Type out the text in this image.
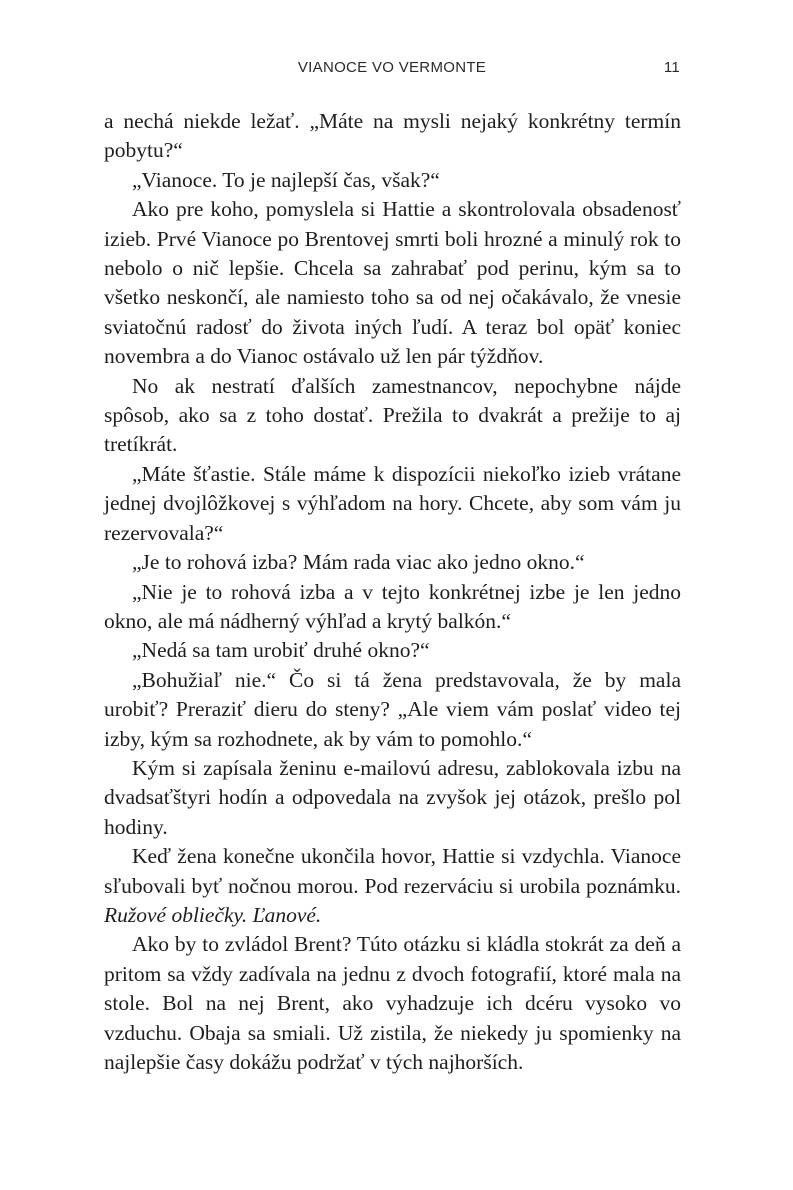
VIANOCE VO VERMONTE	11

a nechá niekde ležať. „Máte na mysli nejaký konkrétny termín pobytu?“

„Vianoce. To je najlepší čas, však?“

Ako pre koho, pomyslela si Hattie a skontrolovala obsadenosť izieb. Prvé Vianoce po Brentovej smrti boli hrozné a minulý rok to nebolo o nič lepšie. Chcela sa zahrabať pod perinu, kým sa to všetko neskončí, ale namiesto toho sa od nej očakávalo, že vnesie sviatočnú radosť do života iných ľudí. A teraz bol opäť koniec novembra a do Vianoc ostávalo už len pár týždňov.

No ak nestratí ďalších zamestnancov, nepochybne nájde spôsob, ako sa z toho dostať. Prežila to dvakrát a prežije to aj tretíkrát.

„Máte šťastie. Stále máme k dispozícii niekoľko izieb vrátane jednej dvojlôžkovej s výhľadom na hory. Chcete, aby som vám ju rezervovala?“

„Je to rohová izba? Mám rada viac ako jedno okno.“

„Nie je to rohová izba a v tejto konkrétnej izbe je len jedno okno, ale má nádherný výhľad a krytý balkón.“

„Nedá sa tam urobiť druhé okno?“

„Bohužiaľ nie.“ Čo si tá žena predstavovala, že by mala urobiť? Preraziť dieru do steny? „Ale viem vám poslať video tej izby, kým sa rozhodnete, ak by vám to pomohlo.“

Kým si zapísala ženinu e-mailovú adresu, zablokovala izbu na dvadsaťštyri hodín a odpovedala na zvyšok jej otázok, prešlo pol hodiny.

Keď žena konečne ukončila hovor, Hattie si vzdychla. Vianoce sľubovali byť nočnou morou. Pod rezerváciu si urobila poznámku. Ružové obliečky. Ľanové.

Ako by to zvládol Brent? Túto otázku si kládla stokrát za deň a pritom sa vždy zadívala na jednu z dvoch fotografií, ktoré mala na stole. Bol na nej Brent, ako vyhadzuje ich dcéru vysoko vo vzduchu. Obaja sa smiali. Už zistila, že niekedy ju spomienky na najlepšie časy dokážu podržať v tých najhorších.
